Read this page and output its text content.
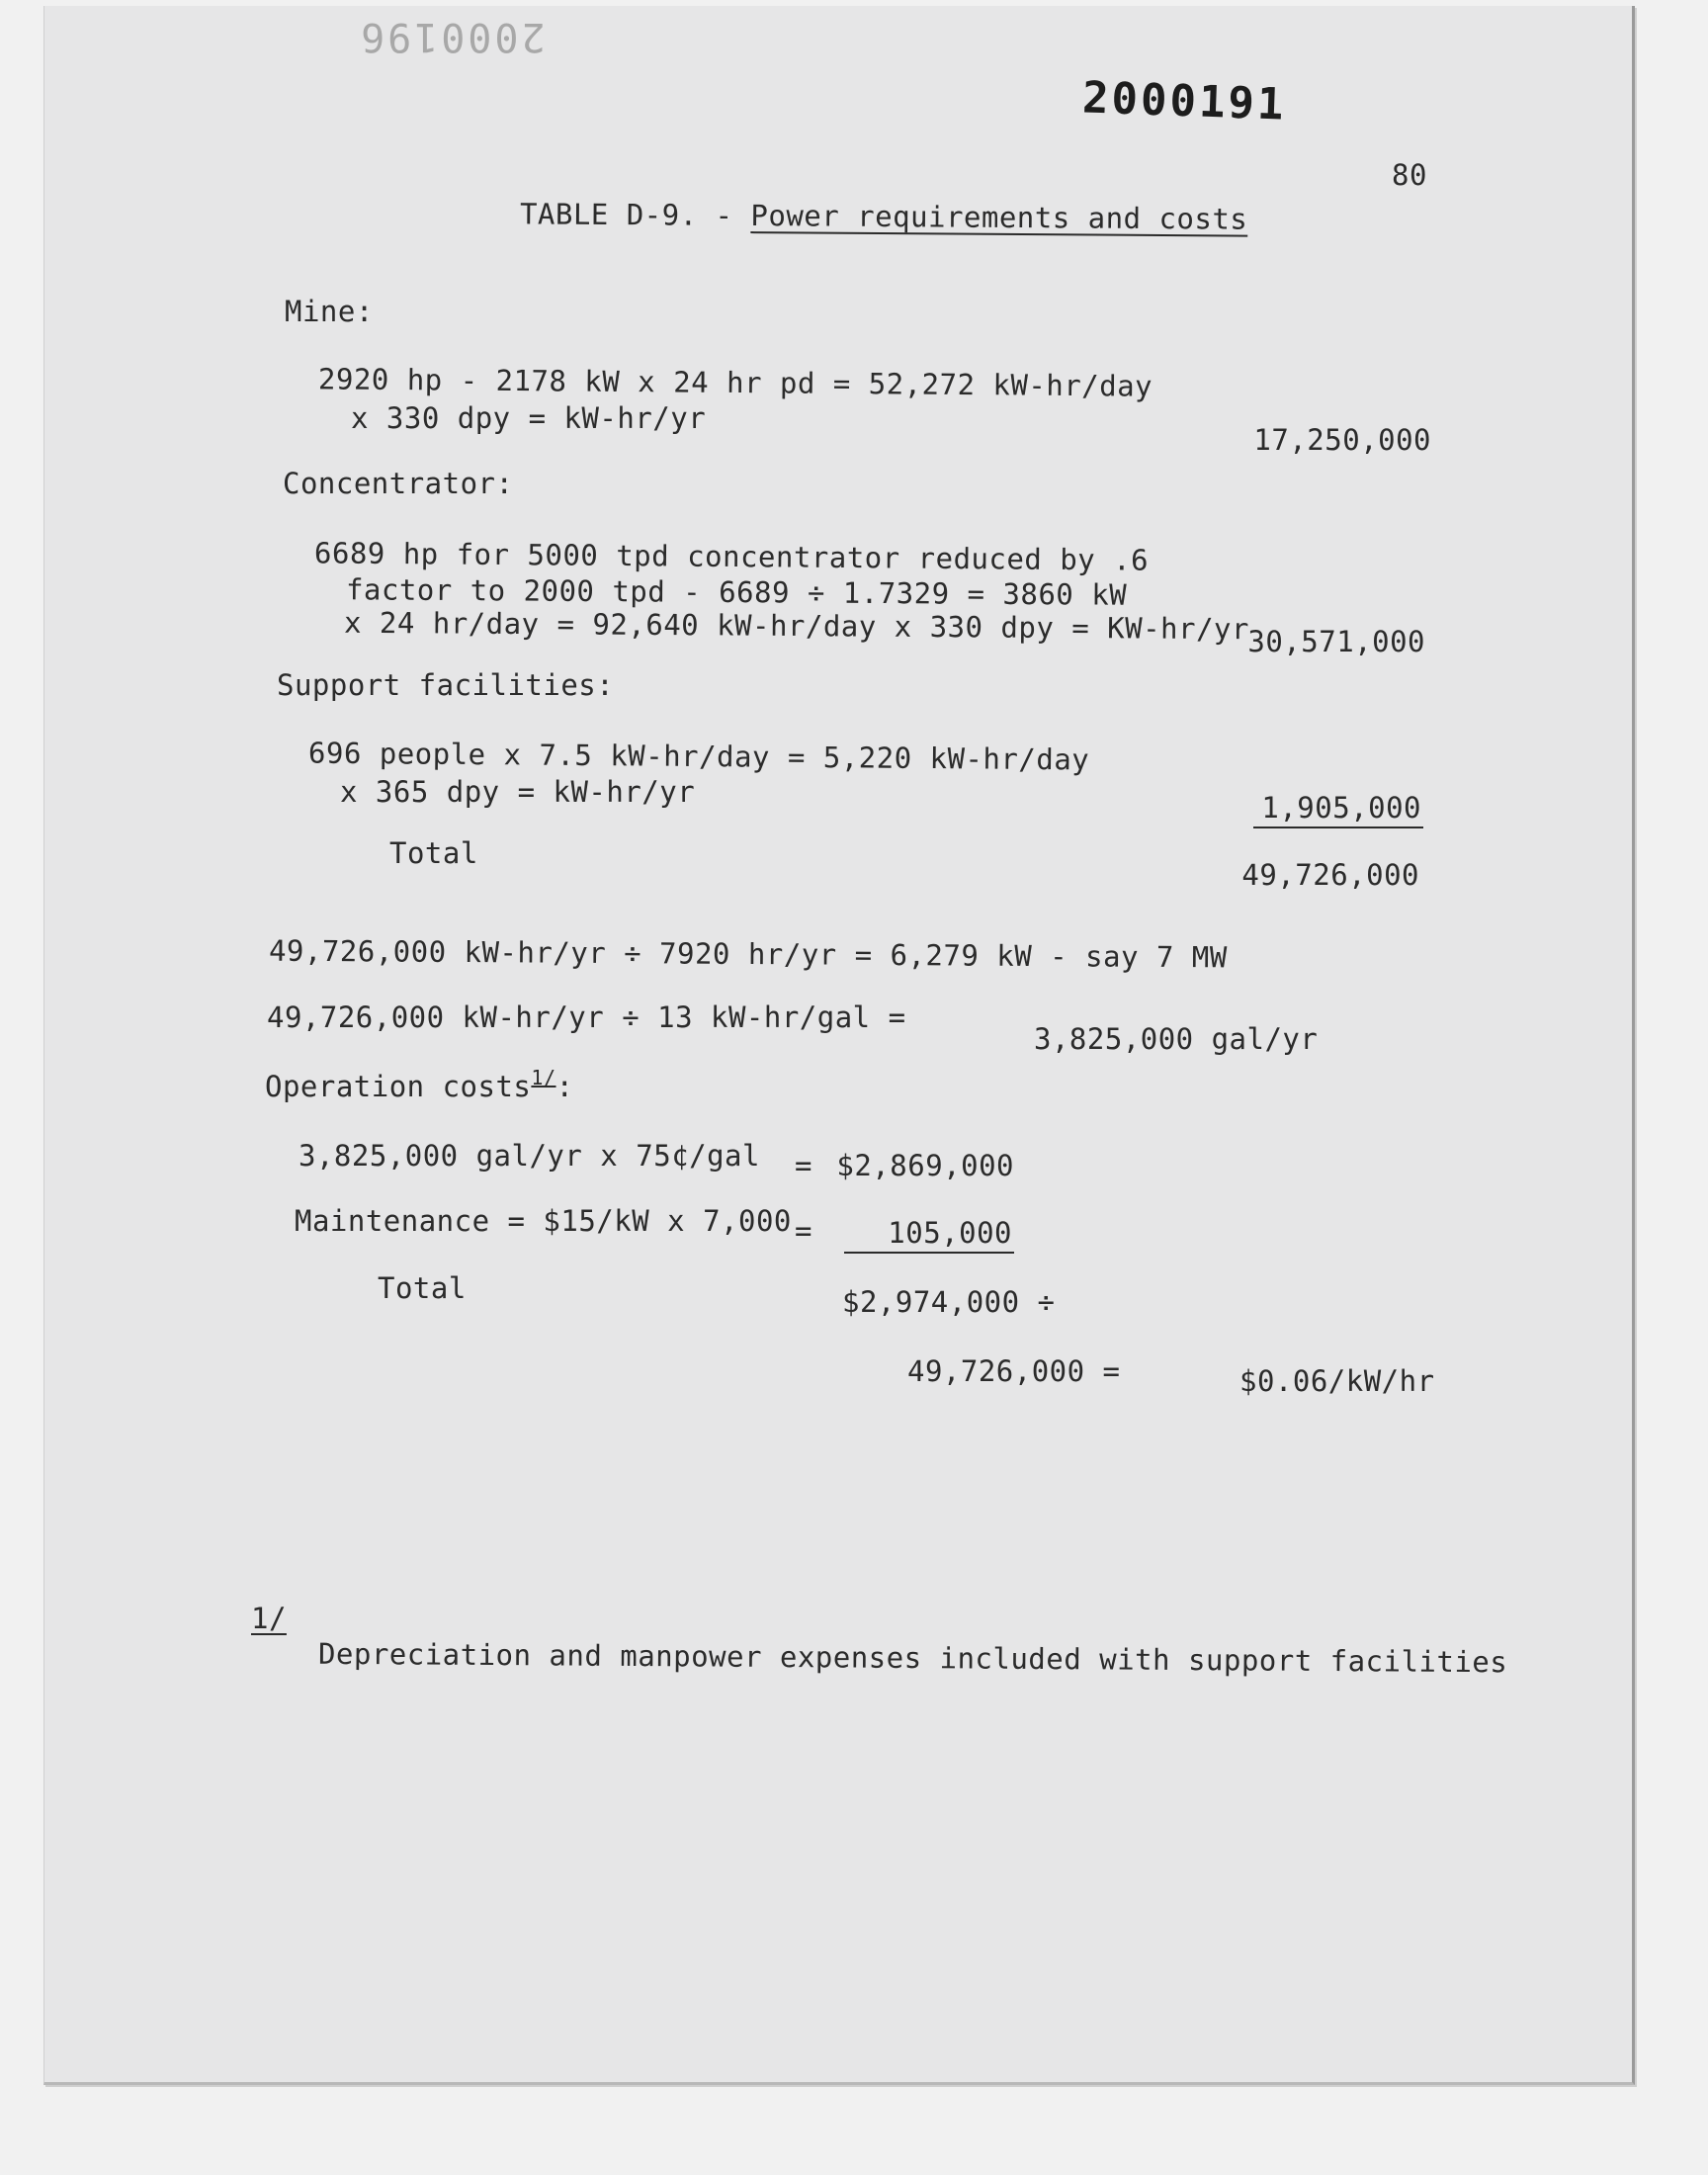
2000196
2000191
80
TABLE D-9. - Power requirements and costs
Mine:
2920 hp - 2178 kW x 24 hr pd = 52,272 kW-hr/day
x 330 dpy = kW-hr/yr
17,250,000
Concentrator:
6689 hp for 5000 tpd concentrator reduced by .6
factor to 2000 tpd - 6689 ÷ 1.7329 = 3860 kW
x 24 hr/day = 92,640 kW-hr/day x 330 dpy = KW-hr/yr
30,571,000
Support facilities:
696 people x 7.5 kW-hr/day = 5,220 kW-hr/day
x 365 dpy = kW-hr/yr	1,905,000
Total
49,726,000
49,726,000 kW-hr/yr ÷ 7920 hr/yr = 6,279 kW - say 7 MW
49,726,000 kW-hr/yr ÷ 13 kW-hr/gal =
3,825,000 gal/yr
Operation costs$^{1/}$:
3,825,000 gal/yr x 75¢/gal = $2,869,000
Maintenance = $15/kW x 7,000 =	105,000
Total	$2,974,000 ÷
49,726,000 =	$0.06/kW/hr
1/
Depreciation and manpower expenses included with support facilities
